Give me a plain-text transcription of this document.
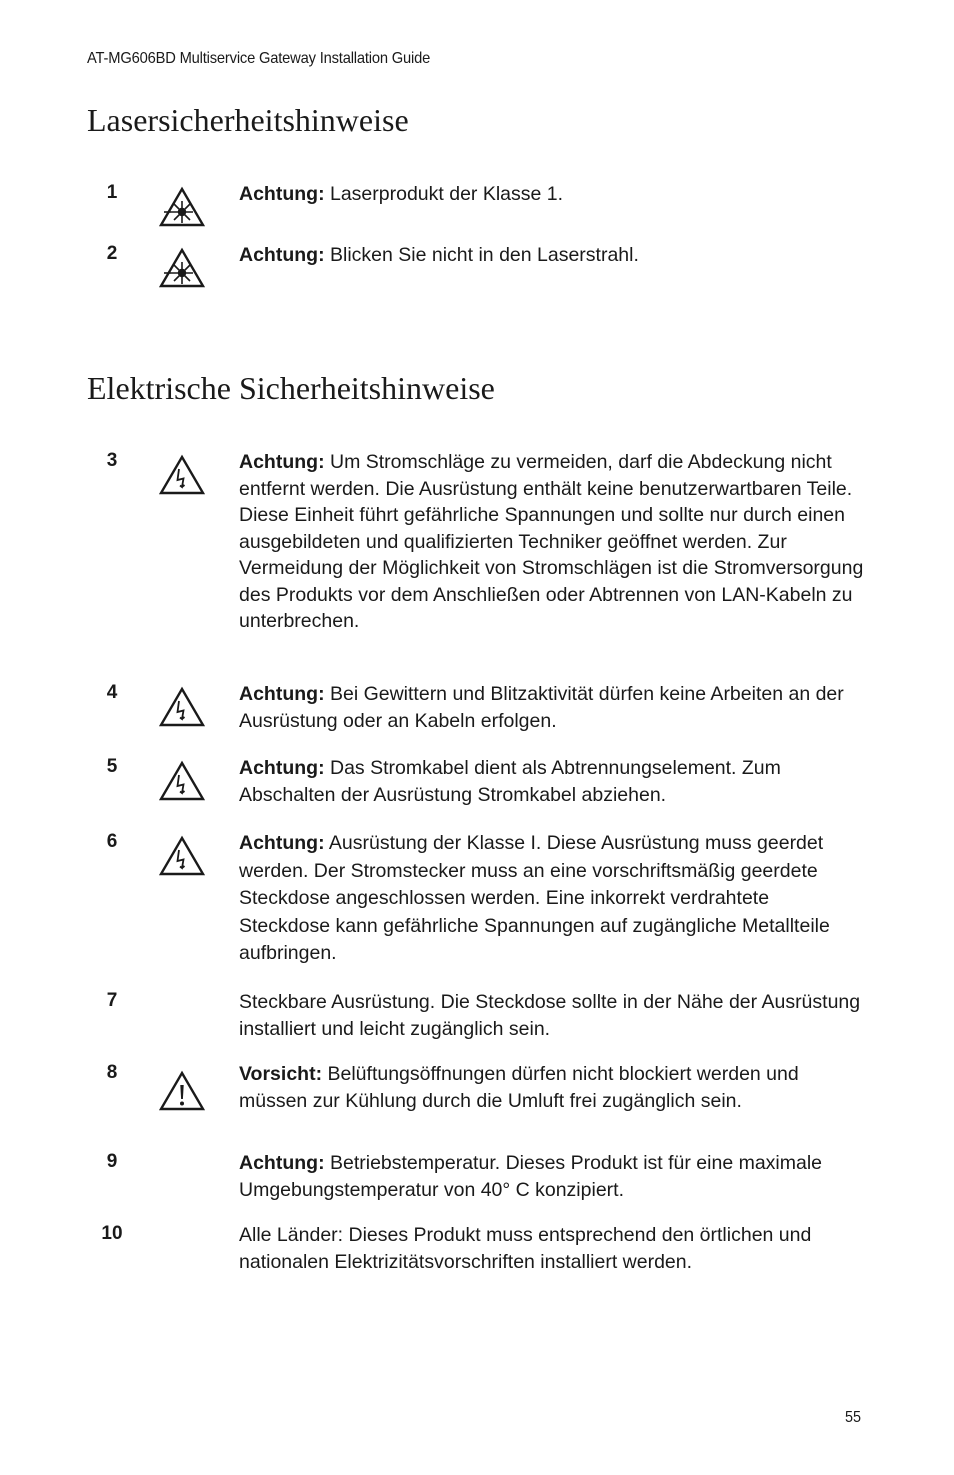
AT-MG606BD Multiservice Gateway Installation Guide
Lasersicherheitshinweise
1	Achtung: Laserprodukt der Klasse 1.
2	Achtung: Blicken Sie nicht in den Laserstrahl.
Elektrische Sicherheitshinweise
3	Achtung: Um Stromschläge zu vermeiden, darf die Abdeckung nicht entfernt werden. Die Ausrüstung enthält keine benutzerwartbaren Teile. Diese Einheit führt gefährliche Spannungen und sollte nur durch einen ausgebildeten und qualifizierten Techniker geöffnet werden. Zur Vermeidung der Möglichkeit von Stromschlägen ist die Stromversorgung des Produkts vor dem Anschließen oder Abtrennen von LAN-Kabeln zu unterbrechen.
4	Achtung: Bei Gewittern und Blitzaktivität dürfen keine Arbeiten an der Ausrüstung oder an Kabeln erfolgen.
5	Achtung: Das Stromkabel dient als Abtrennungselement. Zum Abschalten der Ausrüstung Stromkabel abziehen.
6	Achtung: Ausrüstung der Klasse I. Diese Ausrüstung muss geerdet werden. Der Stromstecker muss an eine vorschriftsmäßig geerdete Steckdose angeschlossen werden. Eine inkorrekt verdrahtete Steckdose kann gefährliche Spannungen auf zugängliche Metallteile aufbringen.
7	Steckbare Ausrüstung. Die Steckdose sollte in der Nähe der Ausrüstung installiert und leicht zugänglich sein.
8	Vorsicht: Belüftungsöffnungen dürfen nicht blockiert werden und müssen zur Kühlung durch die Umluft frei zugänglich sein.
9	Achtung: Betriebstemperatur. Dieses Produkt ist für eine maximale Umgebungstemperatur von 40° C konzipiert.
10	Alle Länder: Dieses Produkt muss entsprechend den örtlichen und nationalen Elektrizitätsvorschriften installiert werden.
55
